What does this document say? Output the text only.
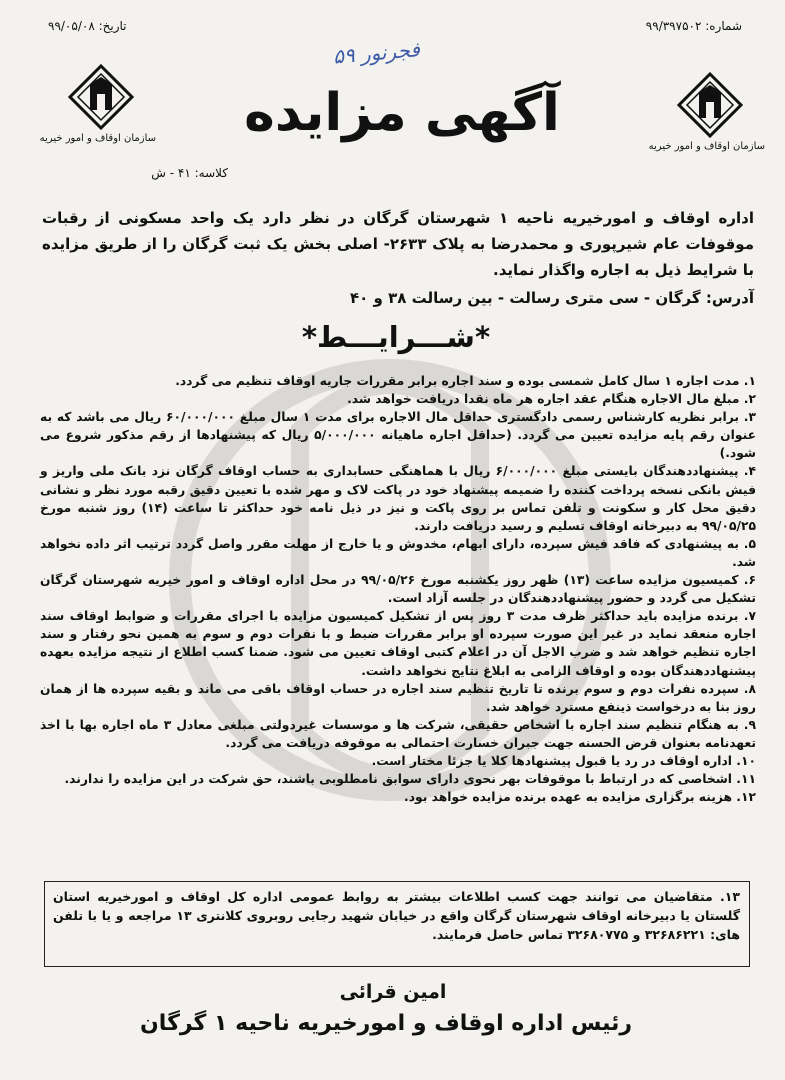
شماره: ۹۹/۳۹۷۵۰۲
تاریخ: ۹۹/۰۵/۰۸
فجرنور ۵۹
سازمان اوقاف و امور خیریه
سازمان اوقاف و امور خیریه
آگهی مزایده
کلاسه: ۴۱ - ش
اداره اوقاف و امورخیریه ناحیه ۱ شهرستان گرگان در نظر دارد یک واحد مسکونی از رقبات موقوفات عام شیرپوری و محمدرضا به پلاک ۲۶۳۳- اصلی بخش یک ثبت گرگان را از طریق مزایده با شرایط ذیل به اجاره واگذار نماید.
آدرس: گرگان - سی متری رسالت - بین رسالت ۳۸ و ۴۰
*شـــرایـــط*

۱. مدت اجاره ۱ سال کامل شمسی بوده و سند اجاره برابر مقررات جاریه اوقاف تنظیم می گردد.

۲. مبلغ مال الاجاره هنگام عقد اجاره هر ماه نقدا دریافت خواهد شد.

۳. برابر نظریه کارشناس رسمی دادگستری حداقل مال الاجاره برای مدت ۱ سال مبلغ ۶۰/۰۰۰/۰۰۰ ریال می باشد که به عنوان رقم پایه مزایده تعیین می گردد. (حداقل اجاره ماهیانه ۵/۰۰۰/۰۰۰ ریال که پیشنهادها از رقم مذکور شروع می شود.)

۴. پیشنهاددهندگان بایستی مبلغ ۶/۰۰۰/۰۰۰ ریال با هماهنگی حسابداری به حساب اوقاف گرگان نزد بانک ملی واریز و فیش بانکی نسخه پرداخت کننده را ضمیمه پیشنهاد خود در پاکت لاک و مهر شده با تعیین دقیق رقبه مورد نظر و نشانی دقیق محل کار و سکونت و تلفن تماس بر روی پاکت و نیز در ذیل نامه خود حداکثر تا ساعت (۱۴) روز شنبه مورخ ۹۹/۰۵/۲۵ به دبیرخانه اوقاف تسلیم و رسید دریافت دارند.

۵. به پیشنهادی که فاقد فیش سپرده، دارای ابهام، مخدوش و یا خارج از مهلت مقرر واصل گردد ترتیب اثر داده نخواهد شد.

۶. کمیسیون مزایده ساعت (۱۳) ظهر روز یکشنبه مورخ ۹۹/۰۵/۲۶ در محل اداره اوقاف و امور خیریه شهرستان گرگان تشکیل می گردد و حضور پیشنهاددهندگان در جلسه آزاد است.

۷. برنده مزایده باید حداکثر ظرف مدت ۳ روز پس از تشکیل کمیسیون مزایده با اجرای مقررات و ضوابط اوقاف سند اجاره منعقد نماید در غیر این صورت سپرده او برابر مقررات ضبط و با نفرات دوم و سوم به همین نحو رفتار و سند اجاره تنظیم خواهد شد و ضرب الاجل آن در اعلام کتبی اوقاف تعیین می شود. ضمنا کسب اطلاع از نتیجه مزایده بعهده پیشنهاددهندگان بوده و اوقاف الزامی به ابلاغ نتایج نخواهد داشت.

۸. سپرده نفرات دوم و سوم برنده تا تاریخ تنظیم سند اجاره در حساب اوقاف باقی می ماند و بقیه سپرده ها از همان روز بنا به درخواست ذینفع مسترد خواهد شد.

۹. به هنگام تنظیم سند اجاره با اشخاص حقیقی، شرکت ها و موسسات غیردولتی مبلغی معادل ۳ ماه اجاره بها با اخذ تعهدنامه بعنوان قرض الحسنه جهت جبران خسارت احتمالی به موقوفه دریافت می گردد.

۱۰. اداره اوقاف در رد یا قبول پیشنهادها کلا یا جزئا مختار است.

۱۱. اشخاصی که در ارتباط با موقوفات بهر نحوی دارای سوابق نامطلوبی باشند، حق شرکت در این مزایده را ندارند.

۱۲. هزینه برگزاری مزایده به عهده برنده مزایده خواهد بود.

۱۳. متقاضیان می توانند جهت کسب اطلاعات بیشتر به روابط عمومی اداره کل اوقاف و امورخیریه استان گلستان یا دبیرخانه اوقاف شهرستان گرگان واقع در خیابان شهید رجایی روبروی کلانتری ۱۳ مراجعه و یا با تلفن های: ۳۲۶۸۶۲۲۱ و ۳۲۶۸۰۷۷۵ تماس حاصل فرمایند.

امین قرائی
رئیس اداره اوقاف و امورخیریه ناحیه ۱ گرگان
